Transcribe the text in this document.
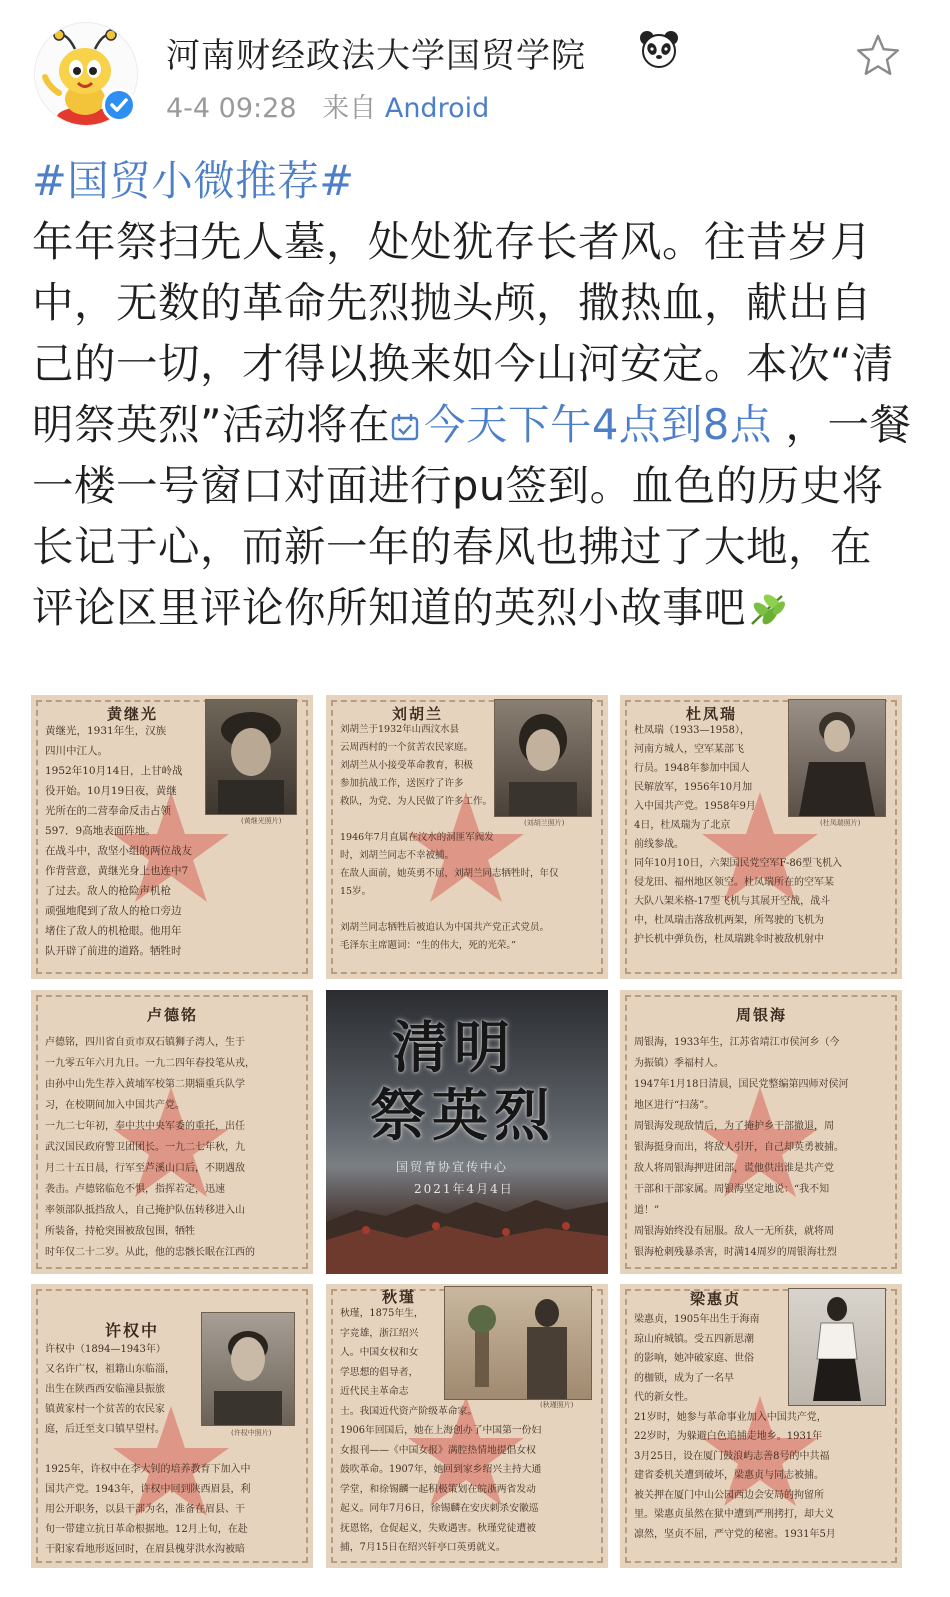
河南财经政法大学国贸学院
4-4 09:28 来自 Android
#国贸小微推荐#
年年祭扫先人墓，处处犹存长者风。往昔岁月中，无数的革命先烈抛头颅，撒热血，献出自己的一切，才得以换来如今山河安定。本次“清明祭英烈”活动将在 今天下午4点到8点 ，一餐一楼一号窗口对面进行pu签到。血色的历史将长记于心，而新一年的春风也拂过了大地，在评论区里评论你所知道的英烈小故事吧
黄继光
(黄继光照片)
黄继光，1931年生，汉族
四川中江人。
1952年10月14日，上甘岭战
役开始。10月19日夜，黄继
光所在的二营奉命反击占领
597．9高地表面阵地。
在战斗中，敌坚小组的两位战友
作背营意，黄继光身上也连中7
了过去。敌人的枪险声机枪
顽强地爬到了敌人的枪口旁边
堵住了敌人的机枪眼。他用年
队开辟了前进的道路。牺牲时
刘胡兰
(刘胡兰照片)
刘胡兰于1932年山西汶水县
云周西村的一个贫苦农民家庭。
刘胡兰从小接受革命教育，积极
参加抗战工作，送医疗了许多
救队，为党、为人民做了许多工作。

1946年7月直属在汶水的洞匪军阀发
时，刘胡兰同志不幸被捕。
在敌人面前，她英勇不屈，刘胡兰同志牺牲时，年仅
15岁。

刘胡兰同志牺牲后被追认为中国共产党正式党员。
毛泽东主席题词：“生的伟大，死的光荣。”
杜凤瑞
(杜凤瑞照片)
杜凤瑞（1933—1958），
河南方城人，空军某部飞
行员。1948年参加中国人
民解放军，1956年10月加
入中国共产党。1958年9月
4日，杜凤瑞为了北京
前线参战。
同年10月10日，六架国民党空军F-86型飞机入
侵龙田、福州地区领空。杜凤瑞所在的空军某
大队八架米格-17型飞机与其展开空战，战斗
中，杜凤瑞击落敌机两架，所驾驶的飞机为
护长机中弹负伤，杜凤瑞跳伞时被敌机射中
卢德铭
卢德铭，四川省自贡市双石镇狮子湾人，生于
一九零五年六月九日。一九二四年春投笔从戎，
由孙中山先生荐入黄埔军校第二期辎重兵队学
习，在校期间加入中国共产党。
一九二七年初，奉中共中央军委的重托，出任
武汉国民政府警卫团团长。一九二七年秋，九
月二十五日晨，行军至芦溪山口后，不期遇敌
袭击。卢德铭临危不惧，指挥若定，迅速
率领部队抵挡敌人，自己掩护队伍转移进入山
所装备，持枪突围被敌包围，牺牲
时年仅二十二岁。从此，他的忠骸长眠在江西的
清明
祭英烈
国贸青协宣传中心
2021年4月4日
周银海
周银海，1933年生，江苏省靖江市侯河乡（今
为振镇）季福村人。
1947年1月18日清晨，国民党整编第四师对侯河
地区进行“扫荡”。
周银海发现敌情后，为了掩护乡干部撤退，周
银海挺身而出，将敌人引开，自己却英勇被捕。
敌人将周银海押进团部，谎他供出谁是共产党
干部和干部家属。周银海坚定地说：“我不知
道！”
周银海始终没有屈服。敌人一无所获，就将周
银海枪刺残暴杀害，时满14周岁的周银海壮烈
许权中
(许权中照片)
许权中（1894—1943年）
又名许广权，祖籍山东临淄，
出生在陕西西安临潼县振旅
镇黄家村一个贫苦的农民家
庭，后迁至支口镇早望村。

1925年，许权中在李大钊的培养教育下加入中
国共产党。1943年，许权中回到陕西眉县，利
用公开职务，以县干部为名，准备在眉县、干
旬一带建立抗日革命根据地。12月上旬，在赴
干阳家看地形返回时，在眉县槐芽洪水沟被暗
秋瑾
(秋瑾照片)
秋瑾，1875年生，
字竞雄，浙江绍兴
人。中国女权和女
学思想的倡导者，
近代民主革命志
士。我国近代资产阶级革命家。
1906年回国后，她在上海创办了中国第一份妇
女报刊——《中国女报》满腔热情地提倡女权
鼓吹革命。1907年，她回到家乡绍兴主持大通
学堂，和徐锡麟一起积极策划在皖浙两省发动
起义。同年7月6日，徐锡麟在安庆刺杀安徽巡
抚恩铭，仓促起义，失败遇害。秋瑾党徒遭被
捕，7月15日在绍兴轩亭口英勇就义。
梁惠贞
梁惠贞，1905年出生于海南
琼山府城镇。受五四新思潮
的影响，她冲破家庭、世俗
的枷锁，成为了一名早
代的新女性。
21岁时，她参与革命事业加入中国共产党，
22岁时，为躲避白色追捕走地乡。1931年
3月25日，设在厦门鼓浪屿志善8号的中共福
建省委机关遭到破坏，梁惠贞与同志被捕。
被关押在厦门中山公园西边会安局的拘留所
里。梁惠贞虽然在狱中遭到严刑拷打，却大义
凛然，坚贞不屈，严守党的秘密。1931年5月
